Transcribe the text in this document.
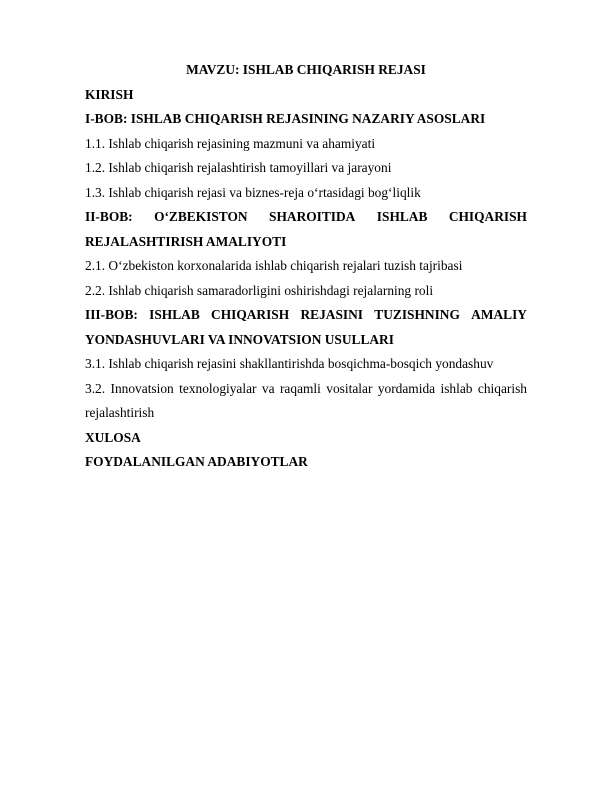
MAVZU: ISHLAB CHIQARISH REJASI
KIRISH
I-BOB: ISHLAB CHIQARISH REJASINING NAZARIY ASOSLARI
1.1. Ishlab chiqarish rejasining mazmuni va ahamiyati
1.2. Ishlab chiqarish rejalashtirish tamoyillari va jarayoni
1.3. Ishlab chiqarish rejasi va biznes-reja o‘rtasidagi bog‘liqlik
II-BOB: O‘ZBEKISTON SHAROITIDA ISHLAB CHIQARISH
REJALASHTIRISH AMALIYOTI
2.1. O‘zbekiston korxonalarida ishlab chiqarish rejalari tuzish tajribasi
2.2. Ishlab chiqarish samaradorligini oshirishdagi rejalarning roli
III-BOB: ISHLAB CHIQARISH REJASINI TUZISHNING AMALIY
YONDASHUVLARI VA INNOVATSION USULLARI
3.1. Ishlab chiqarish rejasini shakllantirishda bosqichma-bosqich yondashuv
3.2. Innovatsion texnologiyalar va raqamli vositalar yordamida ishlab chiqarish rejalashtirish
XULOSA
FOYDALANILGAN ADABIYOTLAR
